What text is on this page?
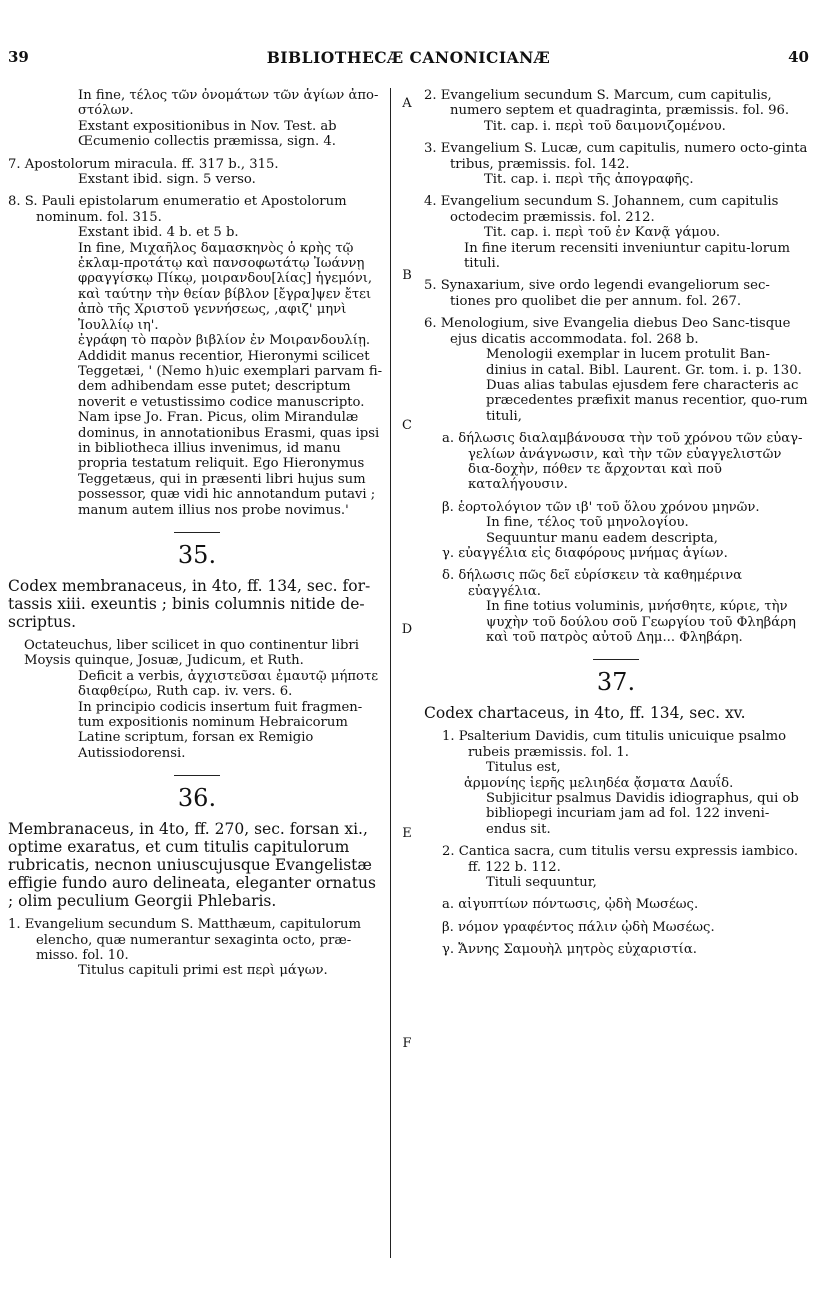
39	BIBLIOTHECÆ CANONICIANÆ	40
A
B
C
D
E
F

In fine, τέλος τῶν ὀνομάτων τῶν ἁγίων ἀπο-στόλων.

Exstant expositionibus in Nov. Test. ab Œcumenio collectis præmissa, sign. 4.

7. Apostolorum miracula. ff. 317 b., 315.

Exstant ibid. sign. 5 verso.

8. S. Pauli epistolarum enumeratio et Apostolorum nominum. fol. 315.

Exstant ibid. 4 b. et 5 b.

In fine, Μιχαῆλος δαμασκηνὸς ὁ κρὴς τῷ ἐκλαμ-προτάτῳ καὶ πανσοφωτάτῳ Ἰωάννῃ φραγγίσκῳ Πίκῳ, μοιρανδου[λίας] ἡγεμόνι, καὶ ταύτην τὴν θείαν βίβλον [ἔγρα]ψεν ἔτει ἀπὸ τῆς Χριστοῦ γεννήσεως, ,αφιζ' μηνὶ Ἰουλλίῳ ιη'.

ἐγράφη τὸ παρὸν βιβλίον ἐν Μοιρανδουλίῃ.

Addidit manus recentior, Hieronymi scilicet Teggetæi, ' (Nemo h)uic exemplari parvam fi-dem adhibendam esse putet; descriptum noverit e vetustissimo codice manuscripto. Nam ipse Jo. Fran. Picus, olim Mirandulæ dominus, in annotationibus Erasmi, quas ipsi in bibliotheca illius invenimus, id manu propria testatum reliquit. Ego Hieronymus Teggetæus, qui in præsenti libri hujus sum possessor, quæ vidi hic annotandum putavi ; manum autem illius nos probe novimus.'

35.

Codex membranaceus, in 4to, ff. 134, sec. for-tassis xiii. exeuntis ; binis columnis nitide de-scriptus.

Octateuchus, liber scilicet in quo continentur libri Moysis quinque, Josuæ, Judicum, et Ruth.

Deficit a verbis, ἀγχιστεῦσαι ἐμαυτῷ μήποτε διαφθείρω, Ruth cap. iv. vers. 6.

In principio codicis insertum fuit fragmen-tum expositionis nominum Hebraicorum Latine scriptum, forsan ex Remigio Autissiodorensi.

36.

Membranaceus, in 4to, ff. 270, sec. forsan xi., optime exaratus, et cum titulis capitulorum rubricatis, necnon uniuscujusque Evangelistæ effigie fundo auro delineata, eleganter ornatus ; olim peculium Georgii Phlebaris.

1. Evangelium secundum S. Matthæum, capitulorum elencho, quæ numerantur sexaginta octo, præ-misso. fol. 10.

Titulus capituli primi est περὶ μάγων.

2. Evangelium secundum S. Marcum, cum capitulis, numero septem et quadraginta, præmissis. fol. 96.

Tit. cap. i. περὶ τοῦ δαιμονιζομένου.

3. Evangelium S. Lucæ, cum capitulis, numero octo-ginta tribus, præmissis. fol. 142.

Tit. cap. i. περὶ τῆς ἀπογραφῆς.

4. Evangelium secundum S. Johannem, cum capitulis octodecim præmissis. fol. 212.

Tit. cap. i. περὶ τοῦ ἐν Κανᾷ γάμου.

In fine iterum recensiti inveniuntur capitu-lorum tituli.

5. Synaxarium, sive ordo legendi evangeliorum sec-tiones pro quolibet die per annum. fol. 267.

6. Menologium, sive Evangelia diebus Deo Sanc-tisque ejus dicatis accommodata. fol. 268 b.

Menologii exemplar in lucem protulit Ban-dinius in catal. Bibl. Laurent. Gr. tom. i. p. 130.

Duas alias tabulas ejusdem fere characteris ac præcedentes præfixit manus recentior, quo-rum tituli,

a. δήλωσις διαλαμβάνουσα τὴν τοῦ χρόνου τῶν εὐαγ-γελίων ἀνάγνωσιν, καὶ τὴν τῶν εὐαγγελιστῶν δια-δοχὴν, πόθεν τε ἄρχονται καὶ ποῦ καταλήγουσιν.

β. ἑορτολόγιον τῶν ιβ' τοῦ ὅλου χρόνου μηνῶν.

In fine, τέλος τοῦ μηνολογίου.

Sequuntur manu eadem descripta,

γ. εὐαγγέλια εἰς διαφόρους μνήμας ἁγίων.

δ. δήλωσις πῶς δεῖ εὑρίσκειν τὰ καθημέρινα εὐαγγέλια.

In fine totius voluminis, μνήσθητε, κύριε, τὴν ψυχὴν τοῦ δούλου σοῦ Γεωργίου τοῦ Φληβάρη καὶ τοῦ πατρὸς αὐτοῦ Δημ... Φληβάρη.

37.

Codex chartaceus, in 4to, ff. 134, sec. xv.

1. Psalterium Davidis, cum titulis unicuique psalmo rubeis præmissis. fol. 1.

Titulus est,

ἁρμονίης ἱερῆς μελιηδέα ᾄσματα Δαυΐδ.

Subjicitur psalmus Davidis idiographus, qui ob bibliopegi incuriam jam ad fol. 122 inveni-endus sit.

2. Cantica sacra, cum titulis versu expressis iambico. ff. 122 b. 112.

Tituli sequuntur,

a. αἰγυπτίων πόντωσις, ᾠδὴ Μωσέως.

β. νόμον γραφέντος πάλιν ᾠδὴ Μωσέως.

γ. Ἄννης Σαμουὴλ μητρὸς εὐχαριστία.
